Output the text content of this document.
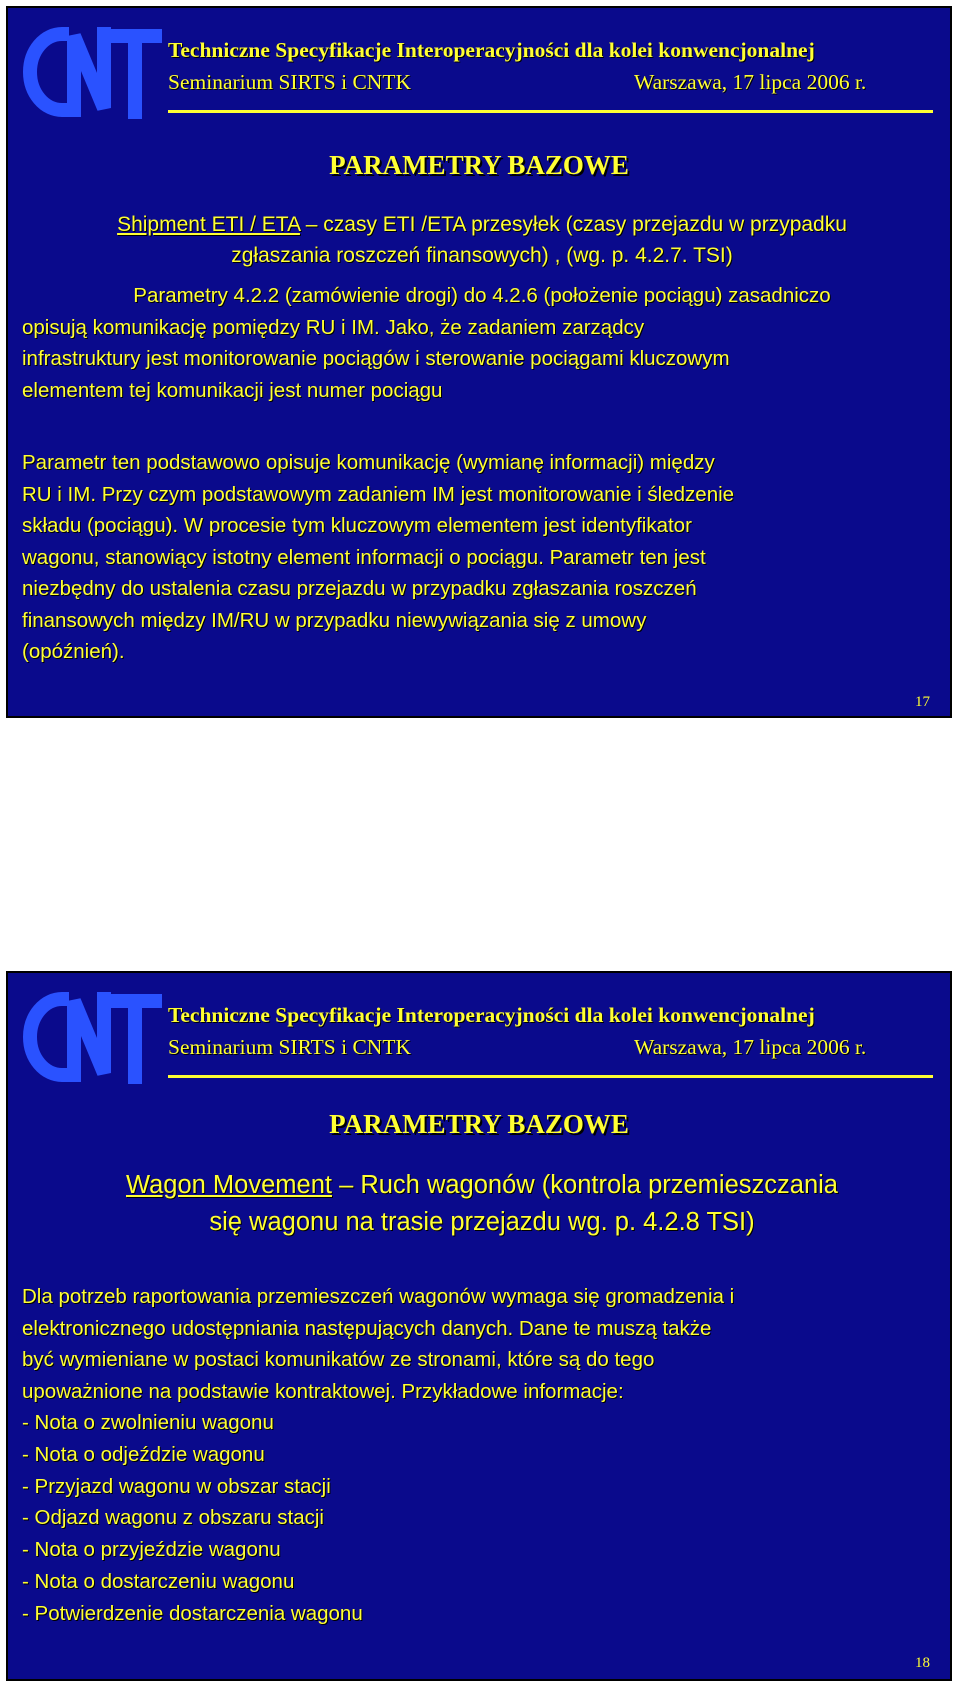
Techniczne Specyfikacje Interoperacyjności dla kolei konwencjonalnej
Seminarium SIRTS i CNTK	Warszawa, 17 lipca 2006 r.
PARAMETRY BAZOWE
Shipment ETI / ETA – czasy ETI /ETA przesyłek (czasy przejazdu w przypadku
zgłaszania roszczeń finansowych) , (wg. p. 4.2.7. TSI)
Parametry 4.2.2 (zamówienie drogi) do 4.2.6 (położenie pociągu) zasadniczo
opisują komunikację pomiędzy RU i IM. Jako, że zadaniem zarządcy
infrastruktury jest monitorowanie pociągów i sterowanie pociągami kluczowym
elementem tej komunikacji jest numer pociągu
Parametr ten podstawowo opisuje komunikację (wymianę informacji) między
RU i IM. Przy czym podstawowym zadaniem IM jest monitorowanie i śledzenie
składu (pociągu). W procesie tym kluczowym elementem jest identyfikator
wagonu, stanowiący istotny element informacji o pociągu. Parametr ten jest
niezbędny do ustalenia czasu przejazdu w przypadku zgłaszania roszczeń
finansowych między IM/RU w przypadku niewywiązania się z umowy
(opóźnień).
17
Techniczne Specyfikacje Interoperacyjności dla kolei konwencjonalnej
Seminarium SIRTS i CNTK	Warszawa, 17 lipca 2006 r.
PARAMETRY BAZOWE
Wagon Movement – Ruch wagonów (kontrola przemieszczania
się wagonu na trasie przejazdu wg. p. 4.2.8 TSI)
Dla potrzeb raportowania przemieszczeń wagonów wymaga się gromadzenia i
elektronicznego udostępniania następujących danych. Dane te muszą także
być wymieniane w postaci komunikatów ze stronami, które są do tego
upoważnione na podstawie kontraktowej. Przykładowe informacje:
- Nota o zwolnieniu wagonu
- Nota o odjeździe wagonu
- Przyjazd wagonu w obszar stacji
- Odjazd wagonu z obszaru stacji
- Nota o przyjeździe wagonu
- Nota o dostarczeniu wagonu
- Potwierdzenie dostarczenia wagonu
18
